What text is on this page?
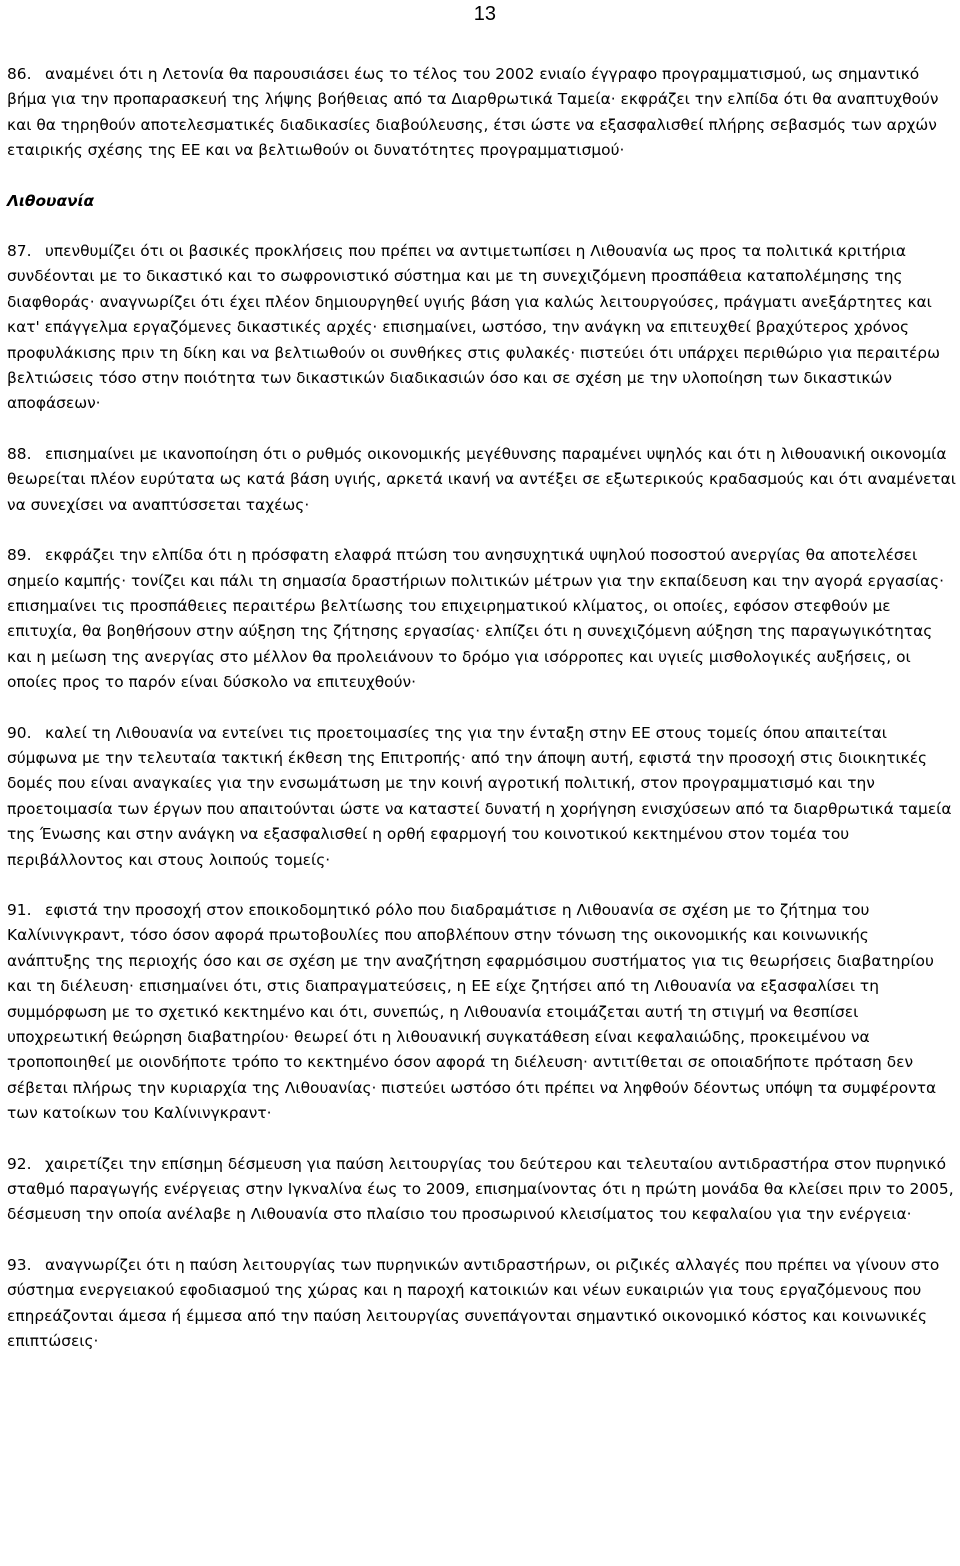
13

86. αναμένει ότι η Λετονία θα παρουσιάσει έως το τέλος του 2002 ενιαίο έγγραφο προγραμματισμού, ως σημαντικό βήμα για την προπαρασκευή της λήψης βοήθειας από τα Διαρθρωτικά Ταμεία· εκφράζει την ελπίδα ότι θα αναπτυχθούν και θα τηρηθούν αποτελεσματικές διαδικασίες διαβούλευσης, έτσι ώστε να εξασφαλισθεί πλήρης σεβασμός των αρχών εταιρικής σχέσης της ΕΕ και να βελτιωθούν οι δυνατότητες προγραμματισμού·

Λιθουανία

87. υπενθυμίζει ότι οι βασικές προκλήσεις που πρέπει να αντιμετωπίσει η Λιθουανία ως προς τα πολιτικά κριτήρια συνδέονται με το δικαστικό και το σωφρονιστικό σύστημα και με τη συνεχιζόμενη προσπάθεια καταπολέμησης της διαφθοράς· αναγνωρίζει ότι έχει πλέον δημιουργηθεί υγιής βάση για καλώς λειτουργούσες, πράγματι ανεξάρτητες και κατ' επάγγελμα εργαζόμενες δικαστικές αρχές· επισημαίνει, ωστόσο, την ανάγκη να επιτευχθεί βραχύτερος χρόνος προφυλάκισης πριν τη δίκη και να βελτιωθούν οι συνθήκες στις φυλακές· πιστεύει ότι υπάρχει περιθώριο για περαιτέρω βελτιώσεις τόσο στην ποιότητα των δικαστικών διαδικασιών όσο και σε σχέση με την υλοποίηση των δικαστικών αποφάσεων·

88. επισημαίνει με ικανοποίηση ότι ο ρυθμός οικονομικής μεγέθυνσης παραμένει υψηλός και ότι η λιθουανική οικονομία θεωρείται πλέον ευρύτατα ως κατά βάση υγιής, αρκετά ικανή να αντέξει σε εξωτερικούς κραδασμούς και ότι αναμένεται να συνεχίσει να αναπτύσσεται ταχέως·

89. εκφράζει την ελπίδα ότι η πρόσφατη ελαφρά πτώση του ανησυχητικά υψηλού ποσοστού ανεργίας θα αποτελέσει σημείο καμπής· τονίζει και πάλι τη σημασία δραστήριων πολιτικών μέτρων για την εκπαίδευση και την αγορά εργασίας· επισημαίνει τις προσπάθειες περαιτέρω βελτίωσης του επιχειρηματικού κλίματος, οι οποίες, εφόσον στεφθούν με επιτυχία, θα βοηθήσουν στην αύξηση της ζήτησης εργασίας· ελπίζει ότι η συνεχιζόμενη αύξηση της παραγωγικότητας και η μείωση της ανεργίας στο μέλλον θα προλειάνουν το δρόμο για ισόρροπες και υγιείς μισθολογικές αυξήσεις, οι οποίες προς το παρόν είναι δύσκολο να επιτευχθούν·

90. καλεί τη Λιθουανία να εντείνει τις προετοιμασίες της για την ένταξη στην ΕΕ στους τομείς όπου απαιτείται σύμφωνα με την τελευταία τακτική έκθεση της Επιτροπής· από την άποψη αυτή, εφιστά την προσοχή στις διοικητικές δομές που είναι αναγκαίες για την ενσωμάτωση με την κοινή αγροτική πολιτική, στον προγραμματισμό και την προετοιμασία των έργων που απαιτούνται ώστε να καταστεί δυνατή η χορήγηση ενισχύσεων από τα διαρθρωτικά ταμεία της Ένωσης και στην ανάγκη να εξασφαλισθεί η ορθή εφαρμογή του κοινοτικού κεκτημένου στον τομέα του περιβάλλοντος και στους λοιπούς τομείς·

91. εφιστά την προσοχή στον εποικοδομητικό ρόλο που διαδραμάτισε η Λιθουανία σε σχέση με το ζήτημα του Καλίνινγκραντ, τόσο όσον αφορά πρωτοβουλίες που αποβλέπουν στην τόνωση της οικονομικής και κοινωνικής ανάπτυξης της περιοχής όσο και σε σχέση με την αναζήτηση εφαρμόσιμου συστήματος για τις θεωρήσεις διαβατηρίου και τη διέλευση· επισημαίνει ότι, στις διαπραγματεύσεις, η ΕΕ είχε ζητήσει από τη Λιθουανία να εξασφαλίσει τη συμμόρφωση με το σχετικό κεκτημένο και ότι, συνεπώς, η Λιθουανία ετοιμάζεται αυτή τη στιγμή να θεσπίσει υποχρεωτική θεώρηση διαβατηρίου· θεωρεί ότι η λιθουανική συγκατάθεση είναι κεφαλαιώδης, προκειμένου να τροποποιηθεί με οιονδήποτε τρόπο το κεκτημένο όσον αφορά τη διέλευση· αντιτίθεται σε οποιαδήποτε πρόταση δεν σέβεται πλήρως την κυριαρχία της Λιθουανίας· πιστεύει ωστόσο ότι πρέπει να ληφθούν δέοντως υπόψη τα συμφέροντα των κατοίκων του Καλίνινγκραντ·

92. χαιρετίζει την επίσημη δέσμευση για παύση λειτουργίας του δεύτερου και τελευταίου αντιδραστήρα στον πυρηνικό σταθμό παραγωγής ενέργειας στην Ιγκναλίνα έως το 2009, επισημαίνοντας ότι η πρώτη μονάδα θα κλείσει πριν το 2005, δέσμευση την οποία ανέλαβε η Λιθουανία στο πλαίσιο του προσωρινού κλεισίματος του κεφαλαίου για την ενέργεια·

93. αναγνωρίζει ότι η παύση λειτουργίας των πυρηνικών αντιδραστήρων, οι ριζικές αλλαγές που πρέπει να γίνουν στο σύστημα ενεργειακού εφοδιασμού της χώρας και η παροχή κατοικιών και νέων ευκαιριών για τους εργαζόμενους που επηρεάζονται άμεσα ή έμμεσα από την παύση λειτουργίας συνεπάγονται σημαντικό οικονομικό κόστος και κοινωνικές επιπτώσεις·
